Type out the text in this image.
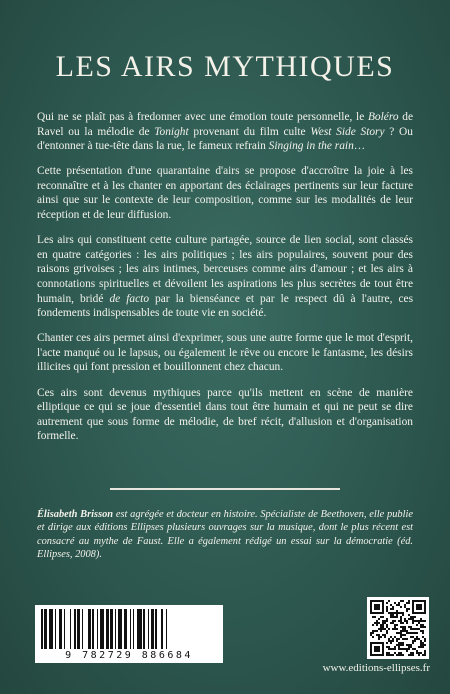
LES AIRS MYTHIQUES

Qui ne se plaît pas à fredonner avec une émotion toute personnelle, le Boléro de Ravel ou la mélodie de Tonight provenant du film culte West Side Story ? Ou d'entonner à tue-tête dans la rue, le fameux refrain Singing in the rain…

Cette présentation d'une quarantaine d'airs se propose d'accroître la joie à les reconnaître et à les chanter en apportant des éclairages pertinents sur leur facture ainsi que sur le contexte de leur composition, comme sur les modalités de leur réception et de leur diffusion.

Les airs qui constituent cette culture partagée, source de lien social, sont classés en quatre catégories : les airs politiques ; les airs populaires, souvent pour des raisons grivoises ; les airs intimes, berceuses comme airs d'amour ; et les airs à connotations spirituelles et dévoilent les aspirations les plus secrètes de tout être humain, bridé de facto par la bienséance et par le respect dû à l'autre, ces fondements indispensables de toute vie en société.

Chanter ces airs permet ainsi d'exprimer, sous une autre forme que le mot d'esprit, l'acte manqué ou le lapsus, ou également le rêve ou encore le fantasme, les désirs illicites qui font pression et bouillonnent chez chacun.

Ces airs sont devenus mythiques parce qu'ils mettent en scène de manière elliptique ce qui se joue d'essentiel dans tout être humain et qui ne peut se dire autrement que sous forme de mélodie, de bref récit, d'allusion et d'organisation formelle.

Élisabeth Brisson est agrégée et docteur en histoire. Spécialiste de Beethoven, elle publie et dirige aux éditions Ellipses plusieurs ouvrages sur la musique, dont le plus récent est consacré au mythe de Faust. Elle a également rédigé un essai sur la démocratie (éd. Ellipses, 2008).
9 782729 886684
www.editions-ellipses.fr
